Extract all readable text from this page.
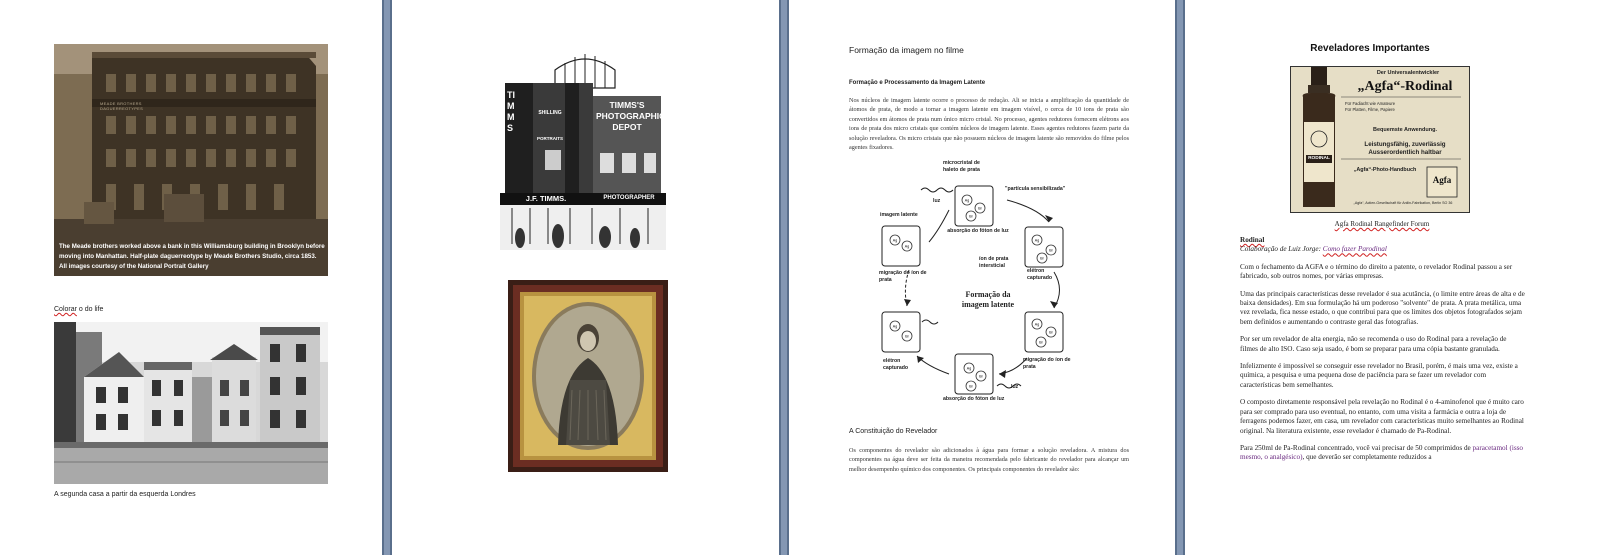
MEADE BROTHERS DAGUERREOTYPES
The Meade brothers worked above a bank in this Williamsburg building in Brooklyn before moving into Manhattan. Half-plate daguerreotype by Meade Brothers Studio, circa 1853. All images courtesy of the National Portrait Gallery
Colorar o do life
A segunda casa a partir da esquerda Londres
TIMMS
SHILLING
PORTRAITS
TIMMS'S PHOTOGRAPHIC DEPOT
J.F. TIMMS.	PHOTOGRAPHER
Formação da imagem no filme
Formação e Processamento da Imagem Latente
Nos núcleos de imagem latente ocorre o processo de redução. Ali se inicia a amplificação da quantidade de átomos de prata, de modo a tornar a imagem latente em imagem visível, o cerca de 10 ions de prata são convertidos em átomos de prata num único micro cristal. No processo, agentes redutores fornecem elétrons aos ions de prata dos micro cristais que contém núcleos de imagem latente. Esses agentes redutores fazem parte da solução reveladora. Os micro cristais que não possuem núcleos de imagem latente são removidos do filme pelos agentes fixadores.
Ag
Br
Br
Ag
Br
Br
Ag
Ag
Ag
Br
Br
Ag
Br
Ag
Br
Br
Formação da
imagem latente
microcristal de haleto de prata
"partícula sensibilizada"
luz
absorção do fóton de luz
imagem latente
íon de prata intersticial
elétron capturado
migração do íon de prata
elétron capturado
migração do íon de prata
luz
absorção do fóton de luz
A Constituição do Revelador
Os componentes do revelador são adicionados à água para formar a solução reveladora. A mistura dos componentes na água deve ser feita da maneira recomendada pelo fabricante do revelador para alcançar um melhor desempenho químico dos componentes. Os principais componentes do revelador são:
Reveladores Importantes
Der Universalentwickler
„Agfa“-Rodinal
Für Fadiacht wie Amateure
Für Platten, Filme, Papiere
Bequemste Anwendung.
Leistungsfähig, zuverlässig
Ausserordentlich haltbar
„Agfa“-Photo-Handbuch
RODINAL
Agfa
„Agfa“, Actien-Gesellschaft für Anilin-Fabrikation, Berlin SO 36
Agfa Rodinal Rangefinder Forum
Rodinal
Colaboração de Luiz Jorge: Como fazer Parodinal
Com o fechamento da AGFA e o término do direito a patente, o revelador Rodinal passou a ser fabricado, sob outros nomes, por várias empresas.
Uma das principais características desse revelador é sua acutância, (o limite entre áreas de alta e de baixa densidades). Em sua formulação há um poderoso "solvente" de prata. A prata metálica, uma vez revelada, fica nesse estado, o que contribui para que os limites dos objetos fotografados sejam bem definidos e aumentando o contraste geral das fotografias.
Por ser um revelador de alta energia, não se recomenda o uso do Rodinal para a revelação de filmes de alto ISO. Caso seja usado, é bom se preparar para uma cópia bastante granulada.
Infelizmente é impossível se conseguir esse revelador no Brasil, porém, é mais uma vez, existe a química, a pesquisa e uma pequena dose de paciência para se fazer um revelador com características bem semelhantes.
O composto diretamente responsável pela revelação no Rodinal é o 4-aminofenol que é muito caro para ser comprado para uso eventual, no entanto, com uma visita a farmácia e outra a loja de ferragens podemos fazer, em casa, um revelador com características muito semelhantes ao Rodinal original. Na literatura existente, esse revelador é chamado de Pa-Rodinal.
Para 250ml de Pa-Rodinal concentrado, você vai precisar de 50 comprimidos de paracetamol (isso mesmo, o analgésico), que deverão ser completamente reduzidos a
